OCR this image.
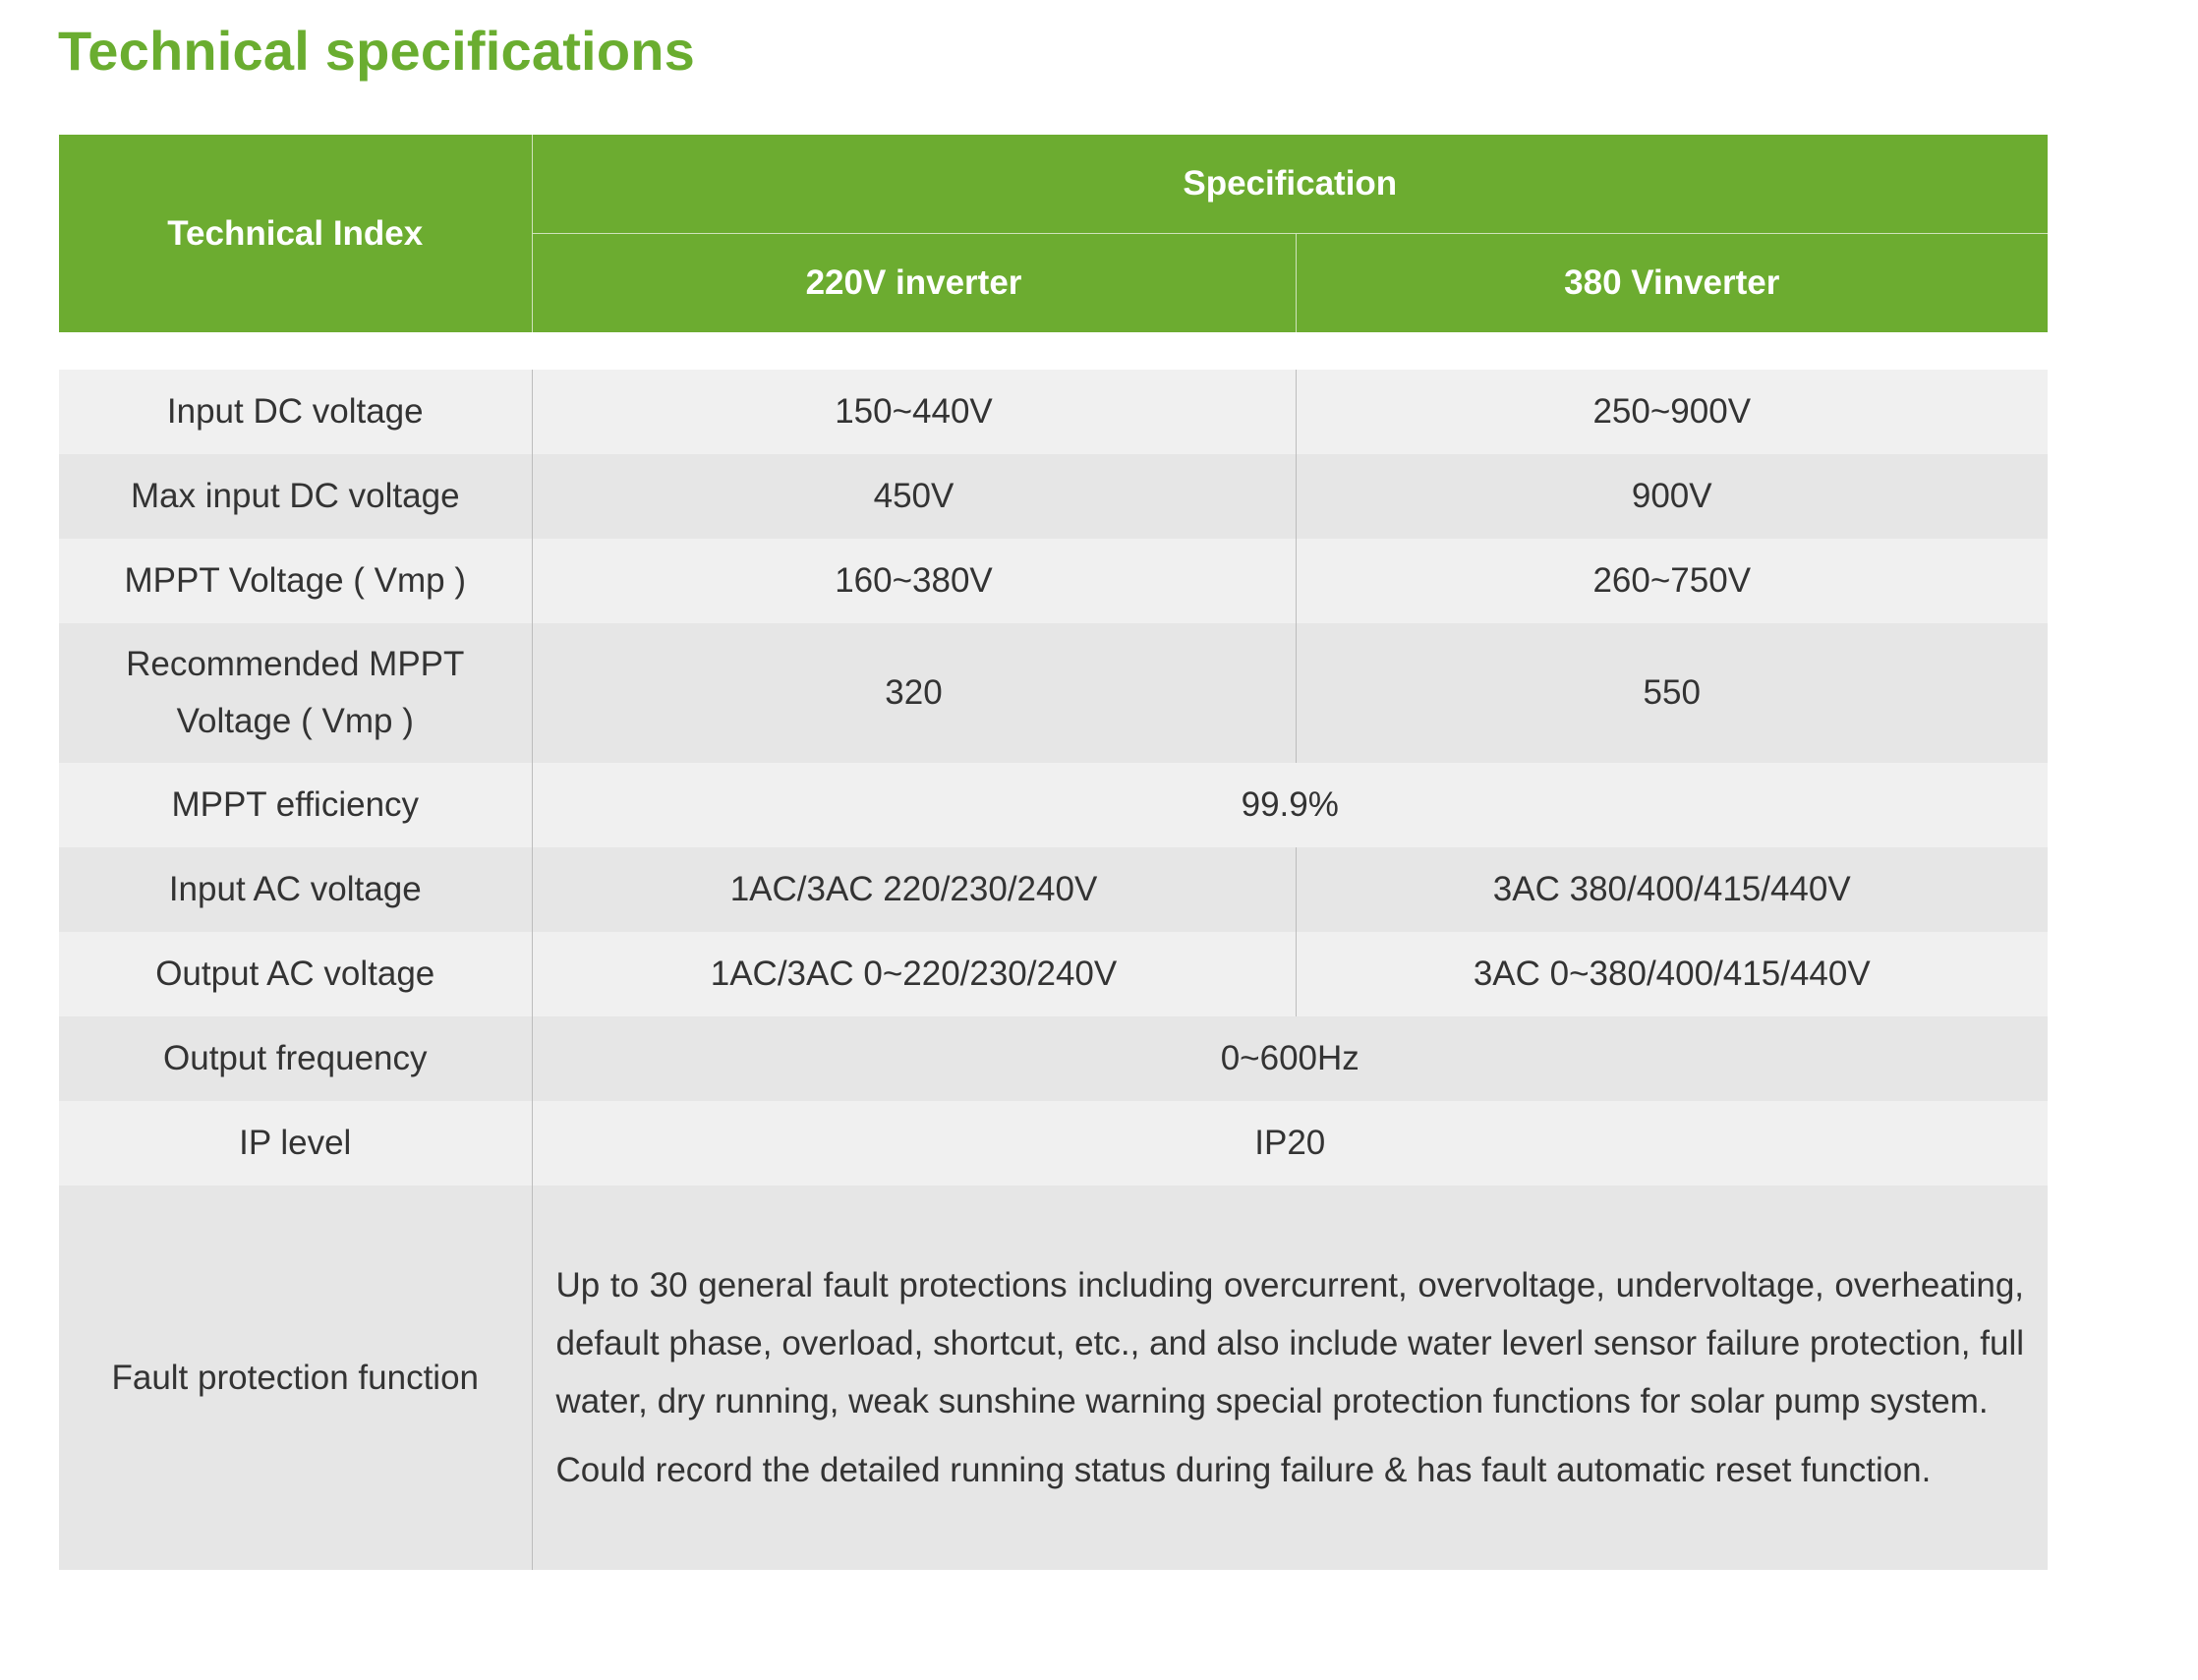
Technical specifications
Technical Index	Specification	
	220V inverter	380 Vinverter

Input DC voltage	150~440V	250~900V
Max input DC voltage	450V	900V
MPPT Voltage ( Vmp )	160~380V	260~750V

Recommended MPPT
Voltage ( Vmp )	320	550
MPPT efficiency	99.9%	
Input AC voltage	1AC/3AC 220/230/240V	3AC 380/400/415/440V
Output AC voltage	1AC/3AC 0~220/230/240V	3AC 0~380/400/415/440V
Output frequency	0~600Hz	
IP level	IP20	
Fault protection function	Up to 30 general fault protections including overcurrent, overvoltage, undervoltage, overheating, default phase, overload, shortcut, etc., and also include water leverl sensor failure protection, full water, dry running, weak sunshine warning special protection functions for solar pump system.

Could record the detailed running status during failure & has fault automatic reset function.	
